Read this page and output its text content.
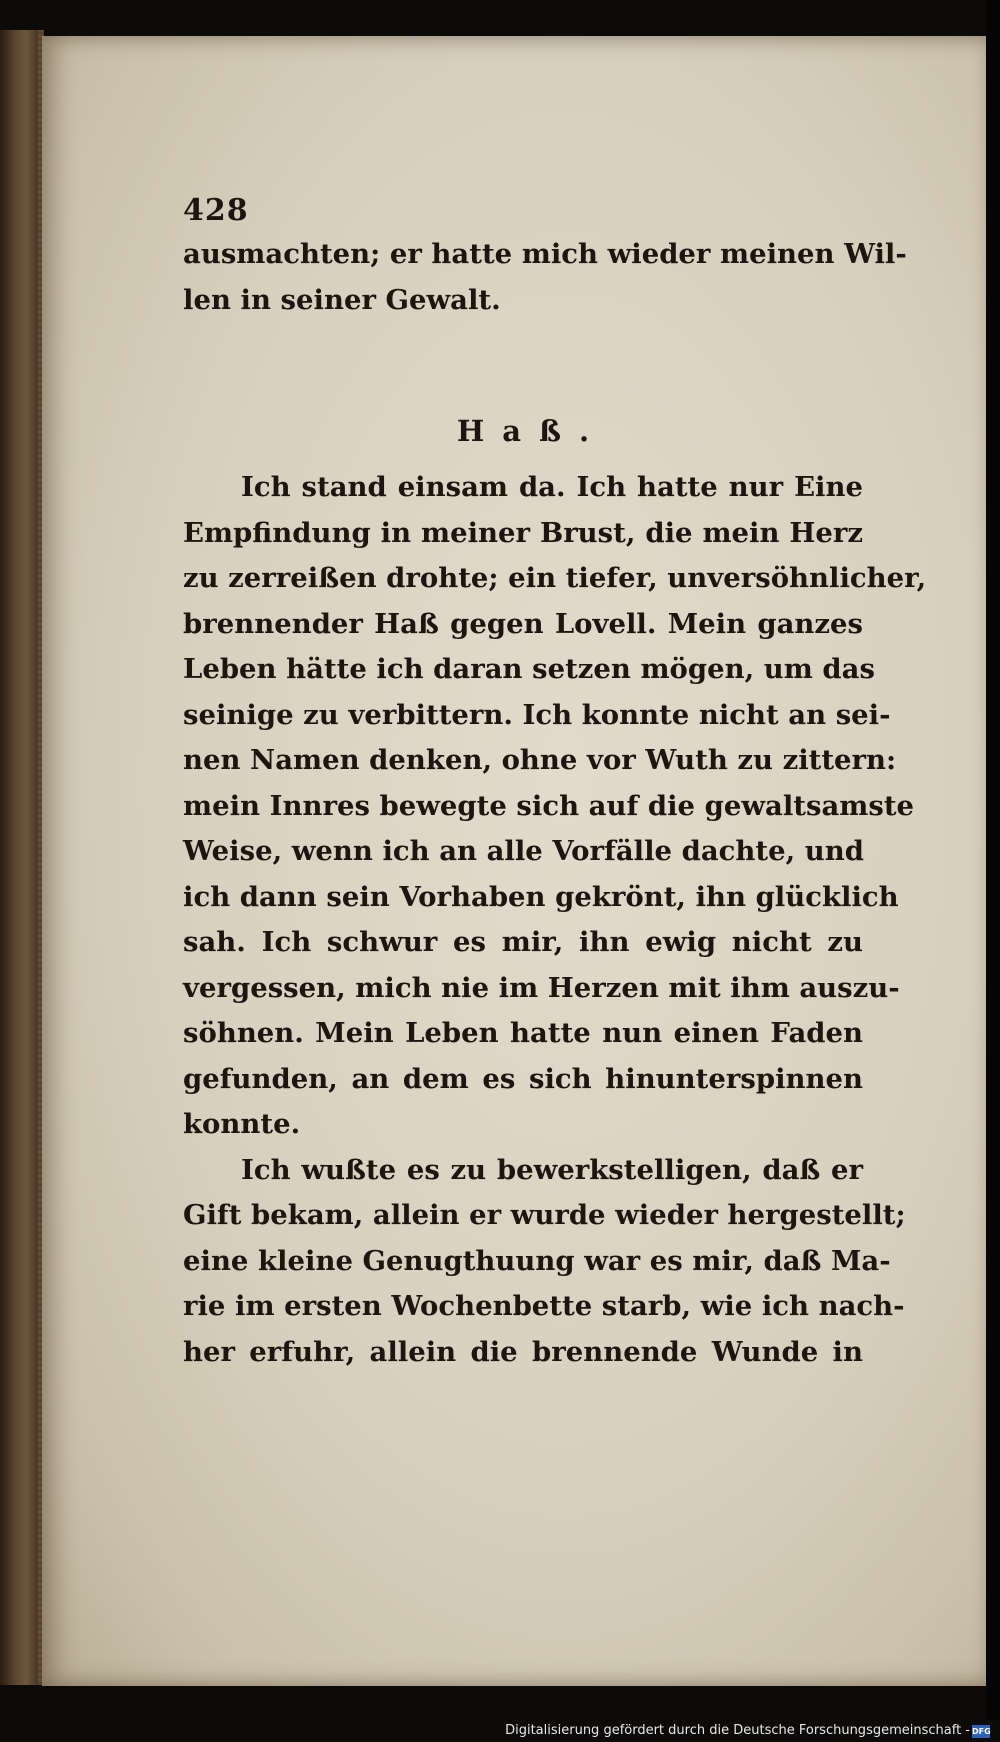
428
ausmachten; er hatte mich wieder meinen Wil-
len in seiner Gewalt.
Haß.
Ich stand einsam da. Ich hatte nur Eine
Empfindung in meiner Brust, die mein Herz
zu zerreißen drohte; ein tiefer, unversöhnlicher,
brennender Haß gegen Lovell. Mein ganzes
Leben hätte ich daran setzen mögen, um das
seinige zu verbittern. Ich konnte nicht an sei-
nen Namen denken, ohne vor Wuth zu zittern:
mein Innres bewegte sich auf die gewaltsamste
Weise, wenn ich an alle Vorfälle dachte, und
ich dann sein Vorhaben gekrönt, ihn glücklich
sah. Ich schwur es mir, ihn ewig nicht zu
vergessen, mich nie im Herzen mit ihm auszu-
söhnen. Mein Leben hatte nun einen Faden
gefunden, an dem es sich hinunterspinnen
konnte.
Ich wußte es zu bewerkstelligen, daß er
Gift bekam, allein er wurde wieder hergestellt;
eine kleine Genugthuung war es mir, daß Ma-
rie im ersten Wochenbette starb, wie ich nach-
her erfuhr, allein die brennende Wunde in
Digitalisierung gefördert durch die Deutsche Forschungsgemeinschaft - DFG
